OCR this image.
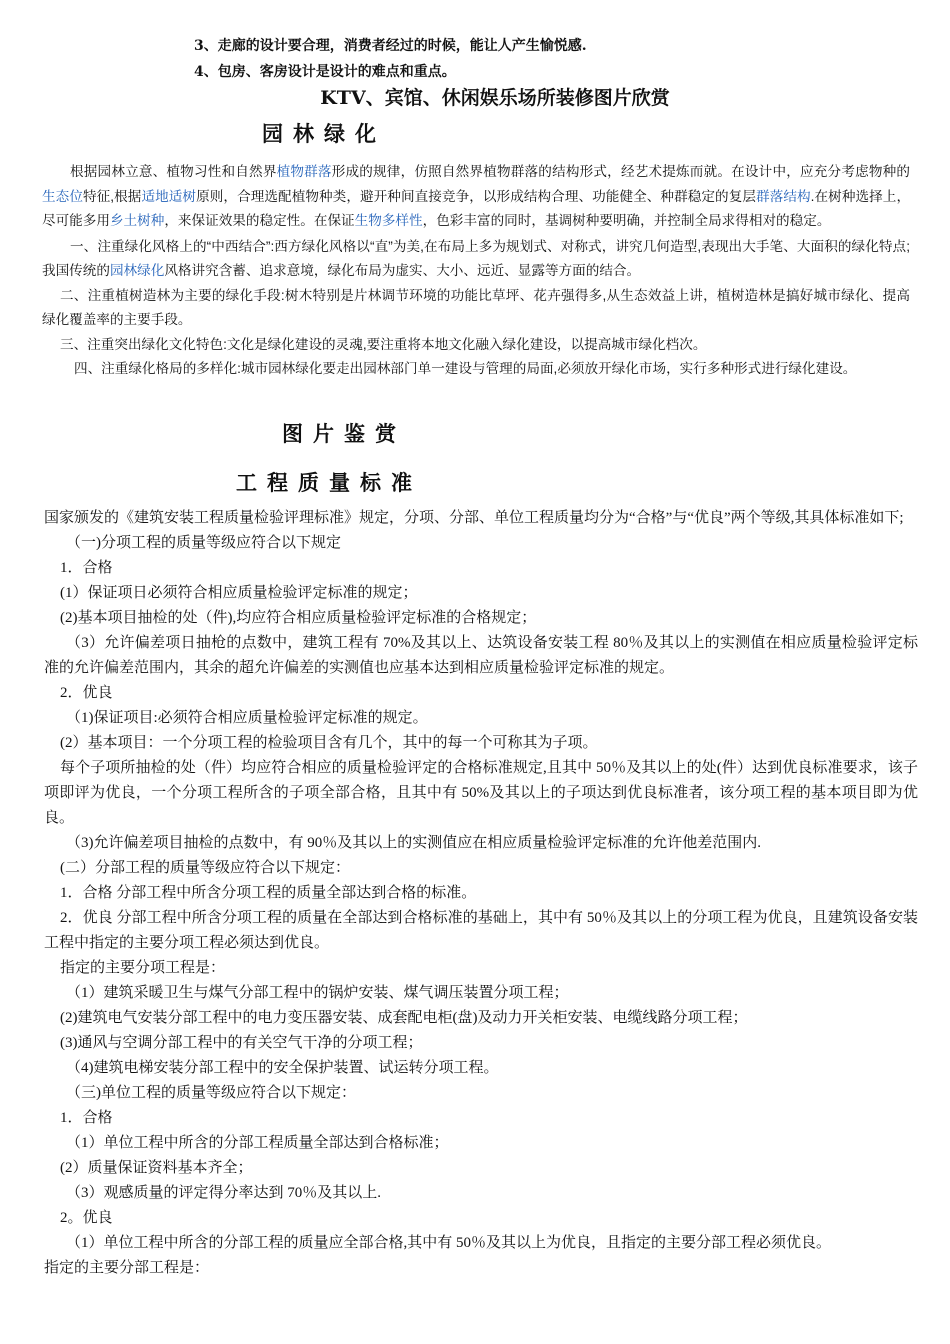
3、走廊的设计要合理，消费者经过的时候，能让人产生愉悦感.
4、包房、客房设计是设计的难点和重点。
KTV、宾馆、休闲娱乐场所装修图片欣赏
园林绿化

根据园林立意、植物习性和自然界植物群落形成的规律，仿照自然界植物群落的结构形式，经艺术提炼而就。在设计中，应充分考虑物种的生态位特征,根据适地适树原则，合理选配植物种类，避开种间直接竞争，以形成结构合理、功能健全、种群稳定的复层群落结构.在树种选择上，尽可能多用乡土树种，来保证效果的稳定性。在保证生物多样性，色彩丰富的同时，基调树种要明确，并控制全局求得相对的稳定。

一、注重绿化风格上的“中西结合”:西方绿化风格以“直”为美,在布局上多为规划式、对称式，讲究几何造型,表现出大手笔、大面积的绿化特点;我国传统的园林绿化风格讲究含蓄、追求意境，绿化布局为虚实、大小、远近、显露等方面的结合。

二、注重植树造林为主要的绿化手段:树木特别是片林调节环境的功能比草坪、花卉强得多,从生态效益上讲，植树造林是搞好城市绿化、提高绿化覆盖率的主要手段。

三、注重突出绿化文化特色:文化是绿化建设的灵魂,要注重将本地文化融入绿化建设，以提高城市绿化档次。

四、注重绿化格局的多样化:城市园林绿化要走出园林部门单一建设与管理的局面,必须放开绿化市场，实行多种形式进行绿化建设。

图片鉴赏
工程质量标准

国家颁发的《建筑安装工程质量检验评理标准》规定，分项、分部、单位工程质量均分为“合格”与“优良”两个等级,其具体标准如下;

（一)分项工程的质量等级应符合以下规定

1．合格

(1）保证项日必须符合相应质量检验评定标准的规定；

(2)基本项目抽检的处（件),均应符合相应质量检验评定标准的合格规定；

（3）允许偏差项日抽枪的点数中，建筑工程有 70%及其以上、达筑设备安装工程 80％及其以上的实测值在相应质量检验评定标准的允许偏差范围内，其余的超允许偏差的实测值也应基本达到相应质量检验评定标准的规定。

2．优良

（1)保证项目:必须符合相应质量检验评定标准的规定。

(2）基本项目：一个分项工程的检验项目含有几个，其中的每一个可称其为子项。

每个子项所抽检的处（件）均应符合相应的质量检验评定的合格标准规定,且其中 50％及其以上的处(件）达到优良标准要求，该子项即评为优良，一个分项工程所含的子项全部合格，且其中有 50%及其以上的子项达到优良标准者，该分项工程的基本项目即为优良。

（3)允许偏差项目抽检的点数中，有 90％及其以上的实测值应在相应质量检验评定标准的允许他差范围内.

(二）分部工程的质量等级应符合以下规定：

1．合格 分部工程中所含分项工程的质量全部达到合格的标准。

2．优良 分部工程中所含分项工程的质量在全部达到合格标准的基础上，其中有 50％及其以上的分项工程为优良，且建筑设备安装工程中指定的主要分项工程必须达到优良。

指定的主要分项工程是：

（1）建筑采暖卫生与煤气分部工程中的锅炉安装、煤气调压装置分项工程；

(2)建筑电气安装分部工程中的电力变压器安装、成套配电柜(盘)及动力开关柜安装、电缆线路分项工程；

(3)通风与空调分部工程中的有关空气干净的分项工程；

（4)建筑电梯安装分部工程中的安全保护装置、试运转分项工程。

（三)单位工程的质量等级应符合以下规定：

1．合格

（1）单位工程中所含的分部工程质量全部达到合格标准；

(2）质量保证资料基本齐全；

（3）观感质量的评定得分率达到 70％及其以上.

2。优良

（1）单位工程中所含的分部工程的质量应全部合格,其中有 50％及其以上为优良，且指定的主要分部工程必须优良。

指定的主要分部工程是：
